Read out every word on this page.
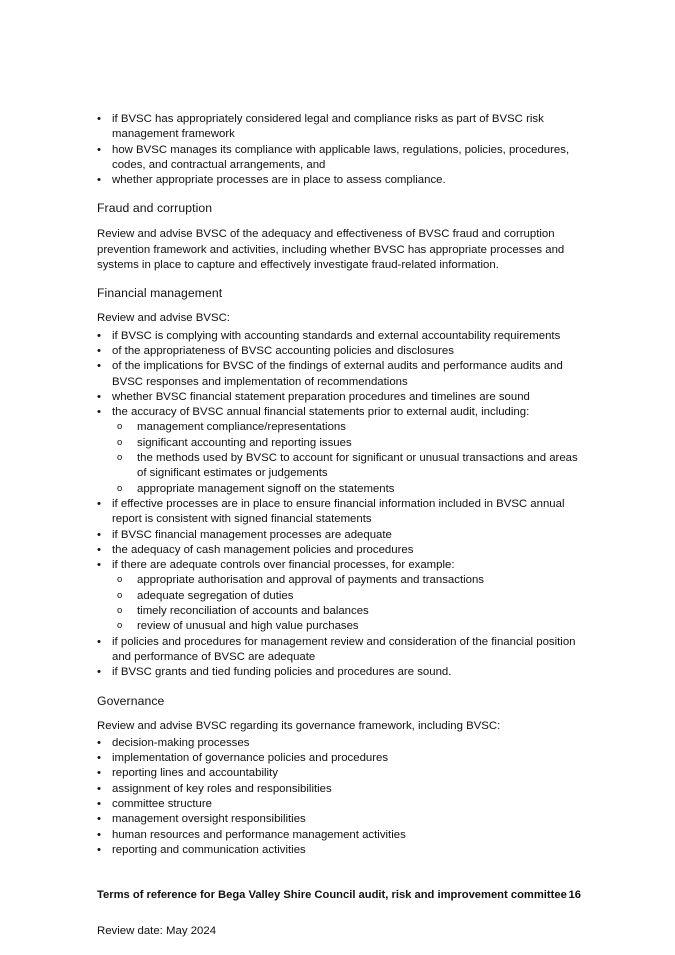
• if BVSC has appropriately considered legal and compliance risks as part of BVSC risk management framework
• how BVSC manages its compliance with applicable laws, regulations, policies, procedures, codes, and contractual arrangements, and
• whether appropriate processes are in place to assess compliance.
Fraud and corruption

Review and advise BVSC of the adequacy and effectiveness of BVSC fraud and corruption prevention framework and activities, including whether BVSC has appropriate processes and systems in place to capture and effectively investigate fraud-related information.

Financial management

Review and advise BVSC:

• if BVSC is complying with accounting standards and external accountability requirements
• of the appropriateness of BVSC accounting policies and disclosures
• of the implications for BVSC of the findings of external audits and performance audits and BVSC responses and implementation of recommendations
• whether BVSC financial statement preparation procedures and timelines are sound
• the accuracy of BVSC annual financial statements prior to external audit, including:
o management compliance/representations
o significant accounting and reporting issues
o the methods used by BVSC to account for significant or unusual transactions and areas of significant estimates or judgements
o appropriate management signoff on the statements
• if effective processes are in place to ensure financial information included in BVSC annual report is consistent with signed financial statements
• if BVSC financial management processes are adequate
• the adequacy of cash management policies and procedures
• if there are adequate controls over financial processes, for example:
o appropriate authorisation and approval of payments and transactions
o adequate segregation of duties
o timely reconciliation of accounts and balances
o review of unusual and high value purchases
• if policies and procedures for management review and consideration of the financial position and performance of BVSC are adequate
• if BVSC grants and tied funding policies and procedures are sound.
Governance

Review and advise BVSC regarding its governance framework, including BVSC:

• decision-making processes
• implementation of governance policies and procedures
• reporting lines and accountability
• assignment of key roles and responsibilities
• committee structure
• management oversight responsibilities
• human resources and performance management activities
• reporting and communication activities
Terms of reference for Bega Valley Shire Council audit, risk and improvement committee 16
Review date: May 2024
